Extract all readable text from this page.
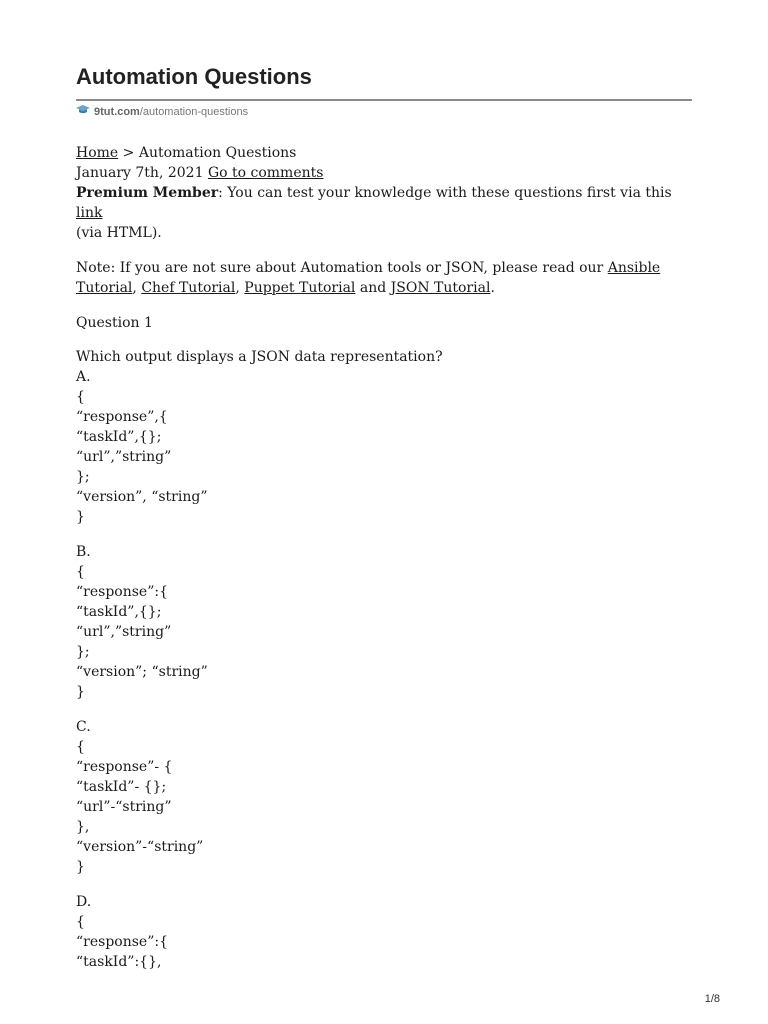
Automation Questions
9tut.com/automation-questions

Home > Automation Questions

January 7th, 2021 Go to comments

Premium Member: You can test your knowledge with these questions first via this link
(via HTML).

Note: If you are not sure about Automation tools or JSON, please read our Ansible Tutorial, Chef Tutorial, Puppet Tutorial and JSON Tutorial.

Question 1

Which output displays a JSON data representation?

A.

{

“response”,{

“taskId”,{};

“url”,”string”

};

“version”, “string”

}

B.

{

“response”:{

“taskId”,{};

“url”,”string”

};

“version”; “string”

}

C.

{

“response”- {

“taskId”- {};

“url”-“string”

},

“version”-“string”

}

D.

{

“response”:{

“taskId”:{},

1/8
